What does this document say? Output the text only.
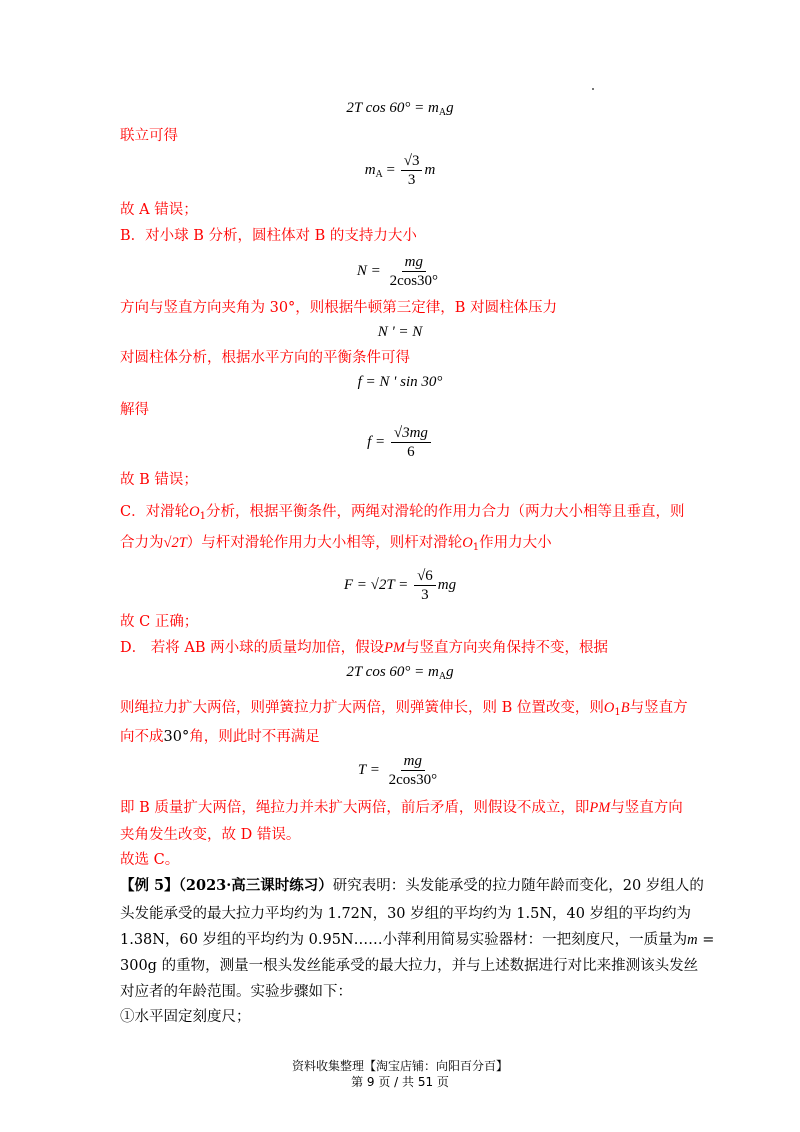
2T $\cos 60^\circ = m_Ag$
联立可得
$m_A = \frac{√3}{3}$ m
故 A 错误；
B．对小球 B 分析，圆柱体对 B 的支持力大小
$N = \frac{mg}{2\cos 30^\circ}$
方向与竖直方向夹角为 30°，则根据牛顿第三定律，B 对圆柱体压力
N ' = N
对圆柱体分析，根据水平方向的平衡条件可得
f = N ' sin 30°
解得
$f = \frac{√3mg}{6}$
故 B 错误；
C．对滑轮$O_1$分析，根据平衡条件，两绳对滑轮的作用力合力（两力大小相等且垂直，则
合力为√2T）与杆对滑轮作用力大小相等，则杆对滑轮$O_1$作用力大小
$F = √2T = \frac{√6}{3}$ mg
故 C 正确；
D． 若将 AB 两小球的质量均加倍，假设PM与竖直方向夹角保持不变，根据
2T $\cos 60^\circ = m_Ag$
则绳拉力扩大两倍，则弹簧拉力扩大两倍，则弹簧伸长，则 B 位置改变，则$O_1B$与竖直方
向不成30°角，则此时不再满足
$T = \frac{mg}{2\cos 30^\circ}$
即 B 质量扩大两倍，绳拉力并未扩大两倍，前后矛盾，则假设不成立，即PM与竖直方向
夹角发生改变，故 D 错误。
故选 C。
【例 5】（2023·高三课时练习）研究表明：头发能承受的拉力随年龄而变化，20 岁组人的
头发能承受的最大拉力平均约为 1.72N，30 岁组的平均约为 1.5N，40 岁组的平均约为
1.38N，60 岁组的平均约为 0.95N……小萍利用简易实验器材：一把刻度尺，一质量为m =
300g 的重物，测量一根头发丝能承受的最大拉力，并与上述数据进行对比来推测该头发丝
对应者的年龄范围。实验步骤如下：
①水平固定刻度尺；
资料收集整理【淘宝店铺：向阳百分百】
第 9 页 / 共 51 页
